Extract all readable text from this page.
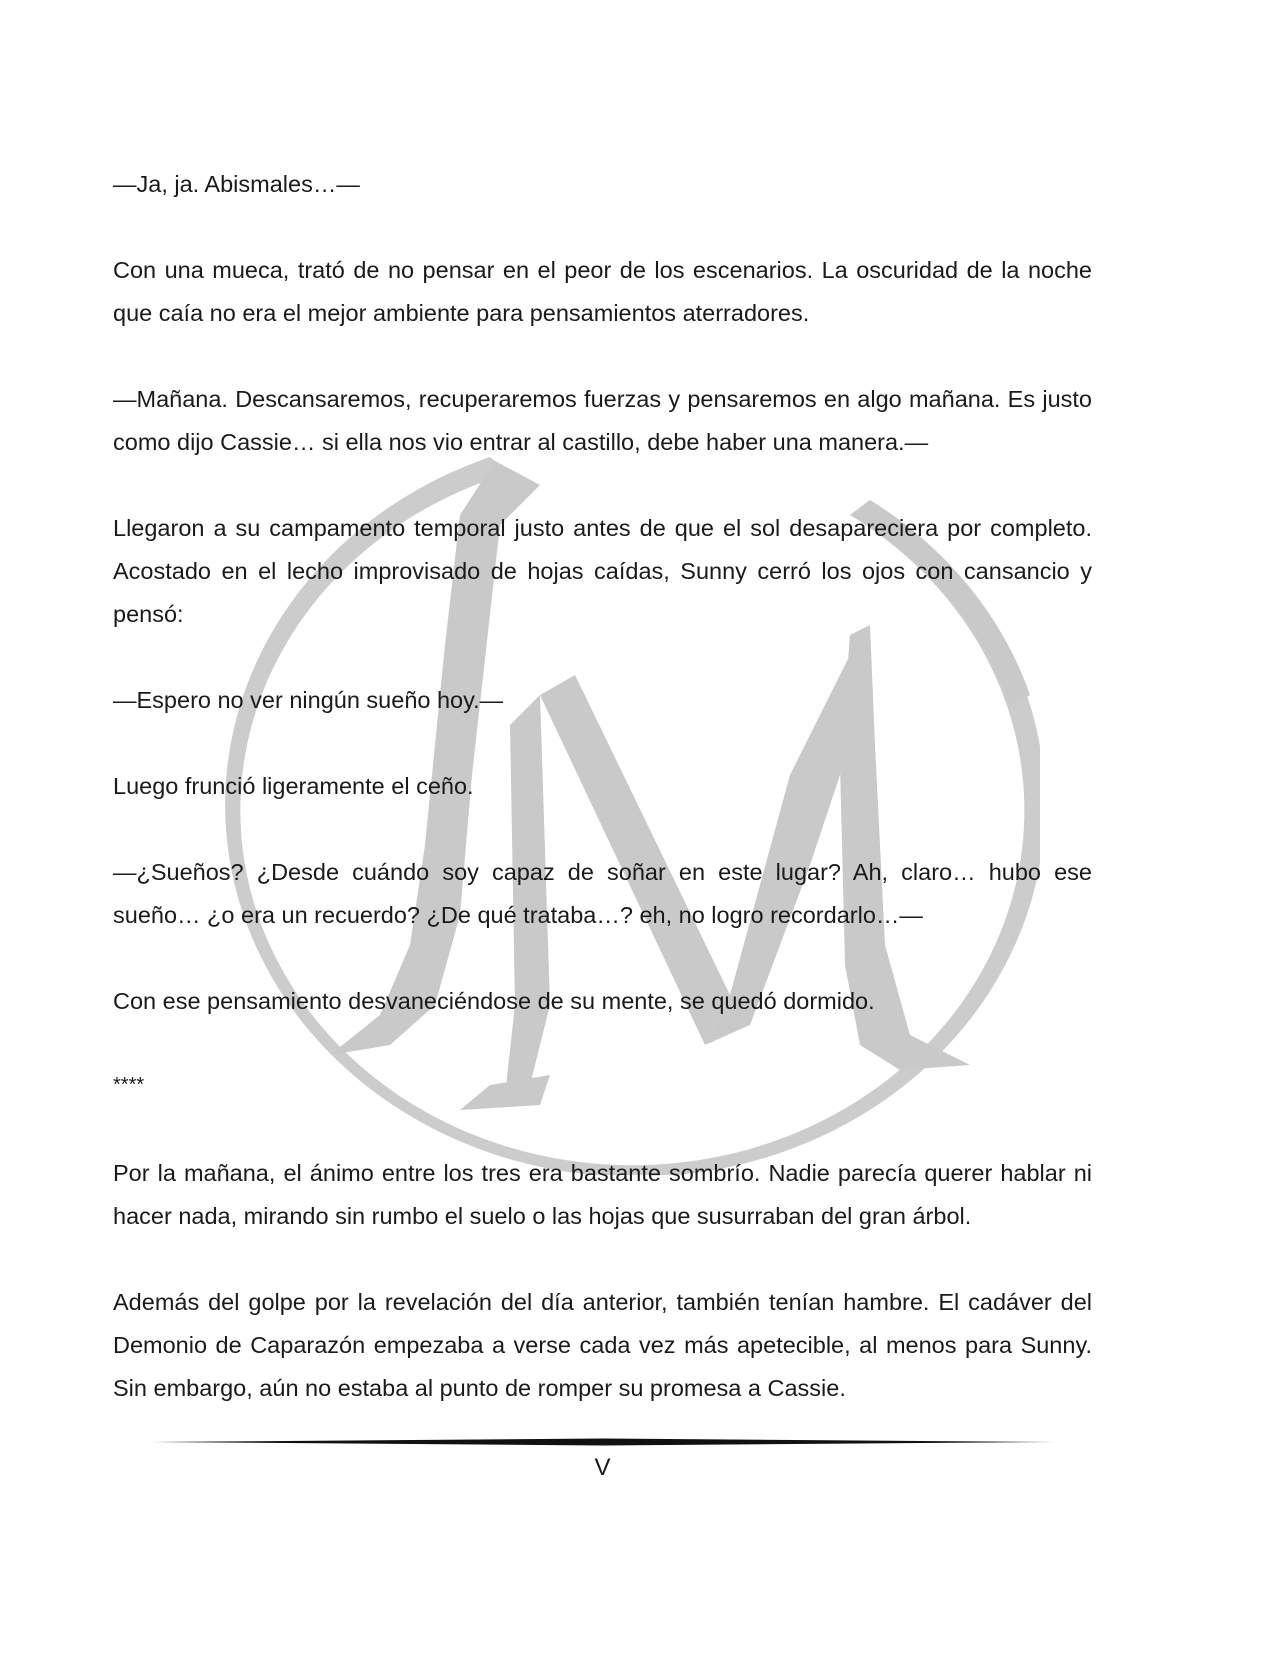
—Ja, ja. Abismales…—

Con una mueca, trató de no pensar en el peor de los escenarios. La oscuridad de la noche que caía no era el mejor ambiente para pensamientos aterradores.

—Mañana. Descansaremos, recuperaremos fuerzas y pensaremos en algo mañana. Es justo como dijo Cassie… si ella nos vio entrar al castillo, debe haber una manera.—

Llegaron a su campamento temporal justo antes de que el sol desapareciera por completo. Acostado en el lecho improvisado de hojas caídas, Sunny cerró los ojos con cansancio y pensó:

—Espero no ver ningún sueño hoy.—

Luego frunció ligeramente el ceño.

—¿Sueños? ¿Desde cuándo soy capaz de soñar en este lugar? Ah, claro… hubo ese sueño… ¿o era un recuerdo? ¿De qué trataba…? eh, no logro recordarlo…—

Con ese pensamiento desvaneciéndose de su mente, se quedó dormido.

****

Por la mañana, el ánimo entre los tres era bastante sombrío. Nadie parecía querer hablar ni hacer nada, mirando sin rumbo el suelo o las hojas que susurraban del gran árbol.

Además del golpe por la revelación del día anterior, también tenían hambre. El cadáver del Demonio de Caparazón empezaba a verse cada vez más apetecible, al menos para Sunny. Sin embargo, aún no estaba al punto de romper su promesa a Cassie.

V
